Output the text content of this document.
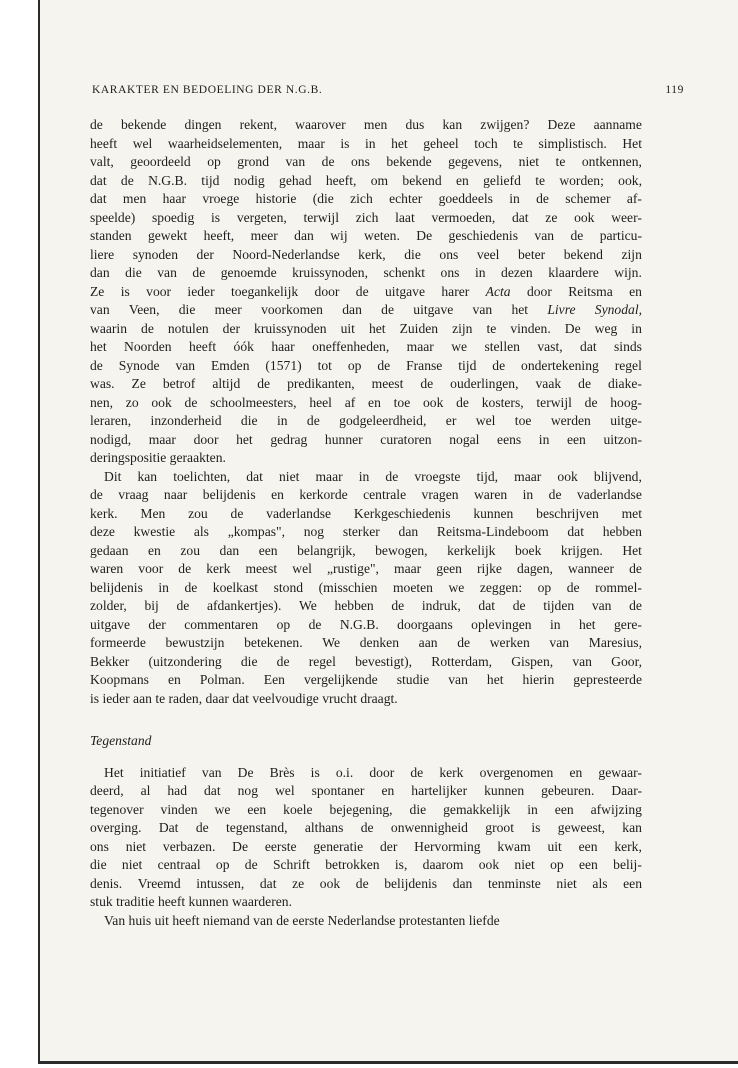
KARAKTER EN BEDOELING DER N.G.B.	119
de bekende dingen rekent, waarover men dus kan zwijgen? Deze aanname
heeft wel waarheidselementen, maar is in het geheel toch te simplistisch. Het
valt, geoordeeld op grond van de ons bekende gegevens, niet te ontkennen,
dat de N.G.B. tijd nodig gehad heeft, om bekend en geliefd te worden; ook,
dat men haar vroege historie (die zich echter goeddeels in de schemer af-
speelde) spoedig is vergeten, terwijl zich laat vermoeden, dat ze ook weer-
standen gewekt heeft, meer dan wij weten. De geschiedenis van de particu-
liere synoden der Noord-Nederlandse kerk, die ons veel beter bekend zijn
dan die van de genoemde kruissynoden, schenkt ons in dezen klaardere wijn.
Ze is voor ieder toegankelijk door de uitgave harer Acta door Reitsma en
van Veen, die meer voorkomen dan de uitgave van het Livre Synodal,
waarin de notulen der kruissynoden uit het Zuiden zijn te vinden. De weg in
het Noorden heeft óók haar oneffenheden, maar we stellen vast, dat sinds
de Synode van Emden (1571) tot op de Franse tijd de ondertekening regel
was. Ze betrof altijd de predikanten, meest de ouderlingen, vaak de diake-
nen, zo ook de schoolmeesters, heel af en toe ook de kosters, terwijl de hoog-
leraren, inzonderheid die in de godgeleerdheid, er wel toe werden uitge-
nodigd, maar door het gedrag hunner curatoren nogal eens in een uitzon-
deringspositie geraakten.
Dit kan toelichten, dat niet maar in de vroegste tijd, maar ook blijvend,
de vraag naar belijdenis en kerkorde centrale vragen waren in de vaderlandse
kerk. Men zou de vaderlandse Kerkgeschiedenis kunnen beschrijven met
deze kwestie als „kompas", nog sterker dan Reitsma-Lindeboom dat hebben
gedaan en zou dan een belangrijk, bewogen, kerkelijk boek krijgen. Het
waren voor de kerk meest wel „rustige", maar geen rijke dagen, wanneer de
belijdenis in de koelkast stond (misschien moeten we zeggen: op de rommel-
zolder, bij de afdankertjes). We hebben de indruk, dat de tijden van de
uitgave der commentaren op de N.G.B. doorgaans oplevingen in het gere-
formeerde bewustzijn betekenen. We denken aan de werken van Maresius,
Bekker (uitzondering die de regel bevestigt), Rotterdam, Gispen, van Goor,
Koopmans en Polman. Een vergelijkende studie van het hierin gepresteerde
is ieder aan te raden, daar dat veelvoudige vrucht draagt.
Tegenstand
Het initiatief van De Brès is o.i. door de kerk overgenomen en gewaar-
deerd, al had dat nog wel spontaner en hartelijker kunnen gebeuren. Daar-
tegenover vinden we een koele bejegening, die gemakkelijk in een afwijzing
overging. Dat de tegenstand, althans de onwennigheid groot is geweest, kan
ons niet verbazen. De eerste generatie der Hervorming kwam uit een kerk,
die niet centraal op de Schrift betrokken is, daarom ook niet op een belij-
denis. Vreemd intussen, dat ze ook de belijdenis dan tenminste niet als een
stuk traditie heeft kunnen waarderen.
Van huis uit heeft niemand van de eerste Nederlandse protestanten liefde
